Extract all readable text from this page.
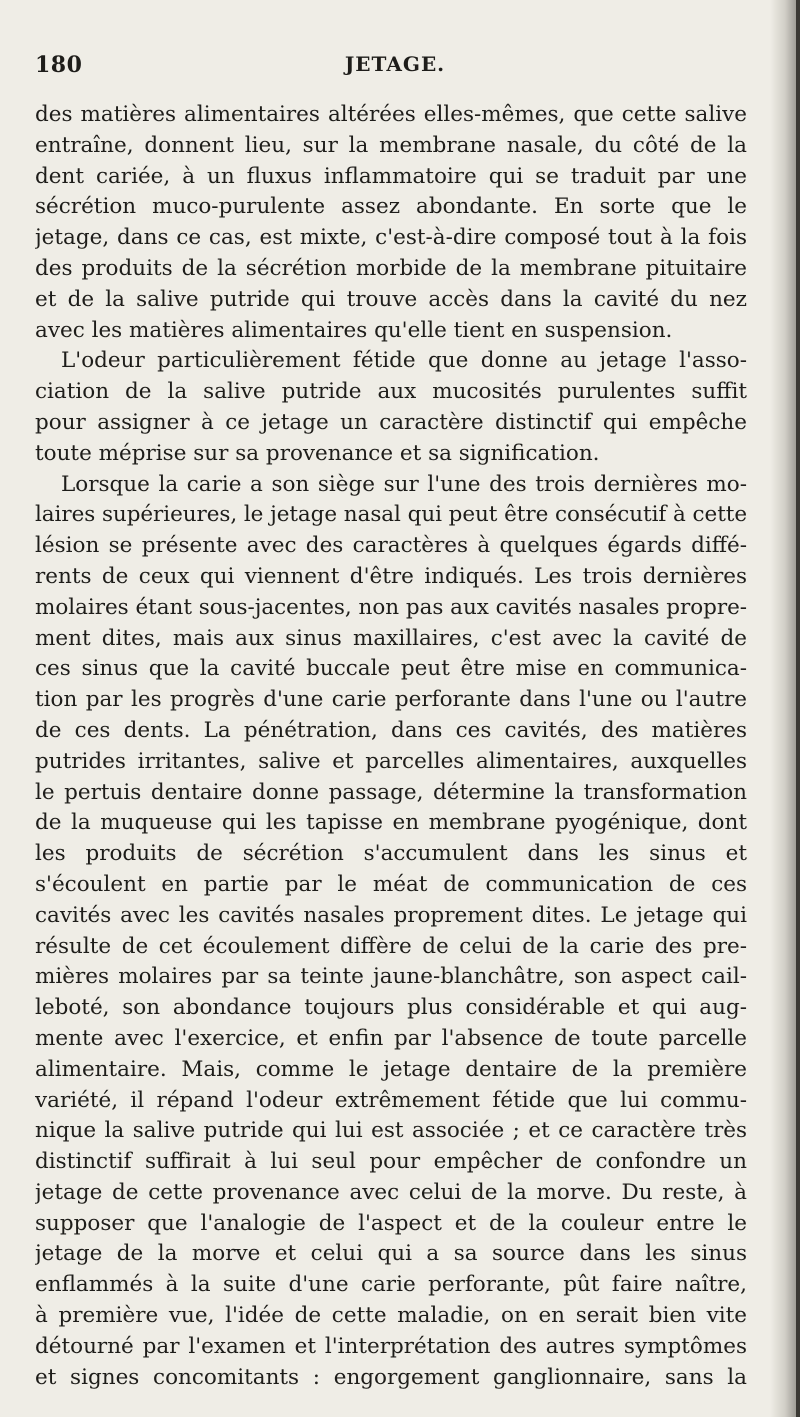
180	JETAGE.
des matières alimentaires altérées elles-mêmes, que cette salive
entraîne, donnent lieu, sur la membrane nasale, du côté de la
dent cariée, à un fluxus inflammatoire qui se traduit par une
sécrétion muco-purulente assez abondante. En sorte que le
jetage, dans ce cas, est mixte, c'est-à-dire composé tout à la fois
des produits de la sécrétion morbide de la membrane pituitaire
et de la salive putride qui trouve accès dans la cavité du nez
avec les matières alimentaires qu'elle tient en suspension.
L'odeur particulièrement fétide que donne au jetage l'asso-
ciation de la salive putride aux mucosités purulentes suffit
pour assigner à ce jetage un caractère distinctif qui empêche
toute méprise sur sa provenance et sa signification.
Lorsque la carie a son siège sur l'une des trois dernières mo-
laires supérieures, le jetage nasal qui peut être consécutif à cette
lésion se présente avec des caractères à quelques égards diffé-
rents de ceux qui viennent d'être indiqués. Les trois dernières
molaires étant sous-jacentes, non pas aux cavités nasales propre-
ment dites, mais aux sinus maxillaires, c'est avec la cavité de
ces sinus que la cavité buccale peut être mise en communica-
tion par les progrès d'une carie perforante dans l'une ou l'autre
de ces dents. La pénétration, dans ces cavités, des matières
putrides irritantes, salive et parcelles alimentaires, auxquelles
le pertuis dentaire donne passage, détermine la transformation
de la muqueuse qui les tapisse en membrane pyogénique, dont
les produits de sécrétion s'accumulent dans les sinus et
s'écoulent en partie par le méat de communication de ces
cavités avec les cavités nasales proprement dites. Le jetage qui
résulte de cet écoulement diffère de celui de la carie des pre-
mières molaires par sa teinte jaune-blanchâtre, son aspect cail-
leboté, son abondance toujours plus considérable et qui aug-
mente avec l'exercice, et enfin par l'absence de toute parcelle
alimentaire. Mais, comme le jetage dentaire de la première
variété, il répand l'odeur extrêmement fétide que lui commu-
nique la salive putride qui lui est associée ; et ce caractère très
distinctif suffirait à lui seul pour empêcher de confondre un
jetage de cette provenance avec celui de la morve. Du reste, à
supposer que l'analogie de l'aspect et de la couleur entre le
jetage de la morve et celui qui a sa source dans les sinus
enflammés à la suite d'une carie perforante, pût faire naître,
à première vue, l'idée de cette maladie, on en serait bien vite
détourné par l'examen et l'interprétation des autres symptômes
et signes concomitants : engorgement ganglionnaire, sans la
